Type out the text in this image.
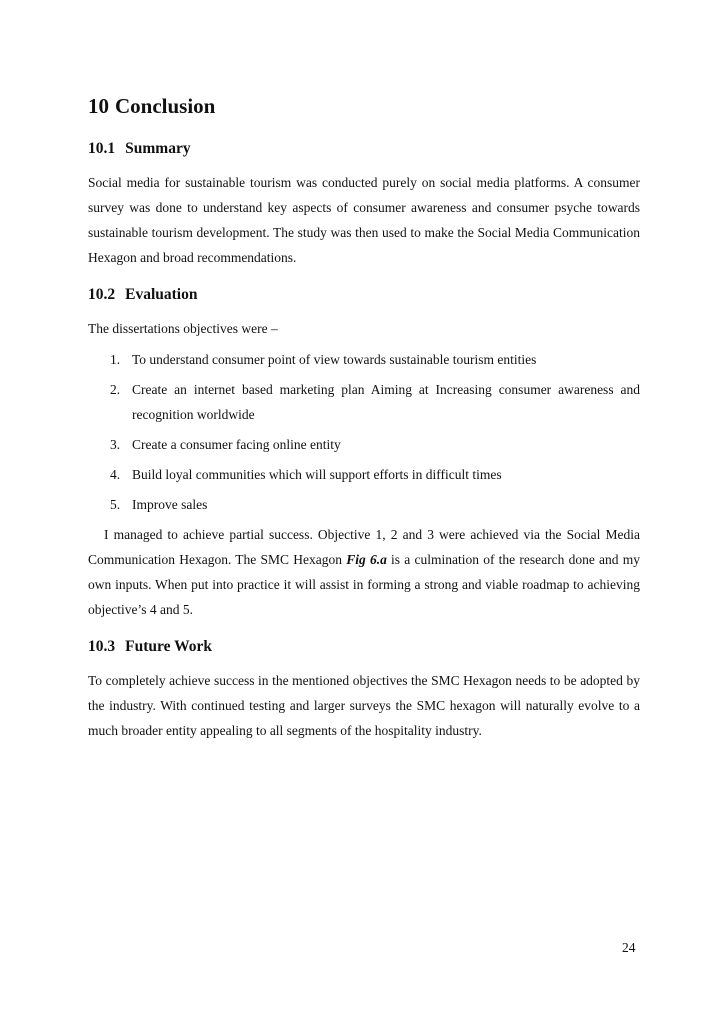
10 Conclusion
10.1 Summary

Social media for sustainable tourism was conducted purely on social media platforms. A consumer survey was done to understand key aspects of consumer awareness and consumer psyche towards sustainable tourism development. The study was then used to make the Social Media Communication Hexagon and broad recommendations.

10.2 Evaluation

The dissertations objectives were –

1. To understand consumer point of view towards sustainable tourism entities
2. Create an internet based marketing plan Aiming at Increasing consumer awareness and recognition worldwide
3. Create a consumer facing online entity
4. Build loyal communities which will support efforts in difficult times
5. Improve sales

I managed to achieve partial success. Objective 1, 2 and 3 were achieved via the Social Media Communication Hexagon. The SMC Hexagon Fig 6.a is a culmination of the research done and my own inputs. When put into practice it will assist in forming a strong and viable roadmap to achieving objective’s 4 and 5.

10.3 Future Work

To completely achieve success in the mentioned objectives the SMC Hexagon needs to be adopted by the industry. With continued testing and larger surveys the SMC hexagon will naturally evolve to a much broader entity appealing to all segments of the hospitality industry.

24
